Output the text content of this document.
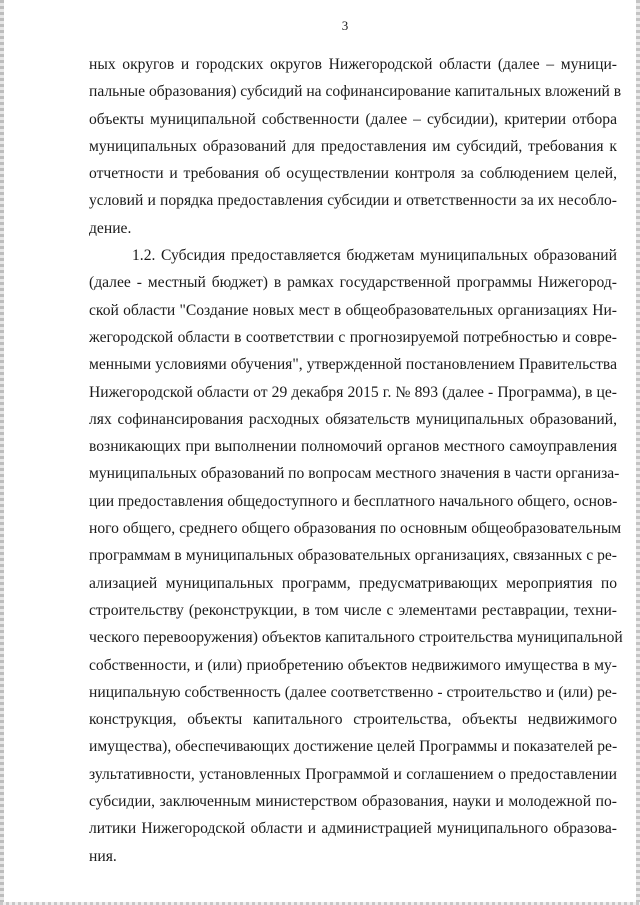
3
ных округов и городских округов Нижегородской области (далее – муници-
пальные образования) субсидий на софинансирование капитальных вложений в
объекты муниципальной собственности (далее – субсидии), критерии отбора
муниципальных образований для предоставления им субсидий, требования к
отчетности и требования об осуществлении контроля за соблюдением целей,
условий и порядка предоставления субсидии и ответственности за их несобло-
дение.
1.2. Субсидия предоставляется бюджетам муниципальных образований
(далее - местный бюджет) в рамках государственной программы Нижегород-
ской области "Создание новых мест в общеобразовательных организациях Ни-
жегородской области в соответствии с прогнозируемой потребностью и совре-
менными условиями обучения", утвержденной постановлением Правительства
Нижегородской области от 29 декабря 2015 г. № 893 (далее - Программа), в це-
лях софинансирования расходных обязательств муниципальных образований,
возникающих при выполнении полномочий органов местного самоуправления
муниципальных образований по вопросам местного значения в части организа-
ции предоставления общедоступного и бесплатного начального общего, основ-
ного общего, среднего общего образования по основным общеобразовательным
программам в муниципальных образовательных организациях, связанных с ре-
ализацией муниципальных программ, предусматривающих мероприятия по
строительству (реконструкции, в том числе с элементами реставрации, техни-
ческого перевооружения) объектов капитального строительства муниципальной
собственности, и (или) приобретению объектов недвижимого имущества в му-
ниципальную собственность (далее соответственно - строительство и (или) ре-
конструкция, объекты капитального строительства, объекты недвижимого
имущества), обеспечивающих достижение целей Программы и показателей ре-
зультативности, установленных Программой и соглашением о предоставлении
субсидии, заключенным министерством образования, науки и молодежной по-
литики Нижегородской области и администрацией муниципального образова-
ния.
